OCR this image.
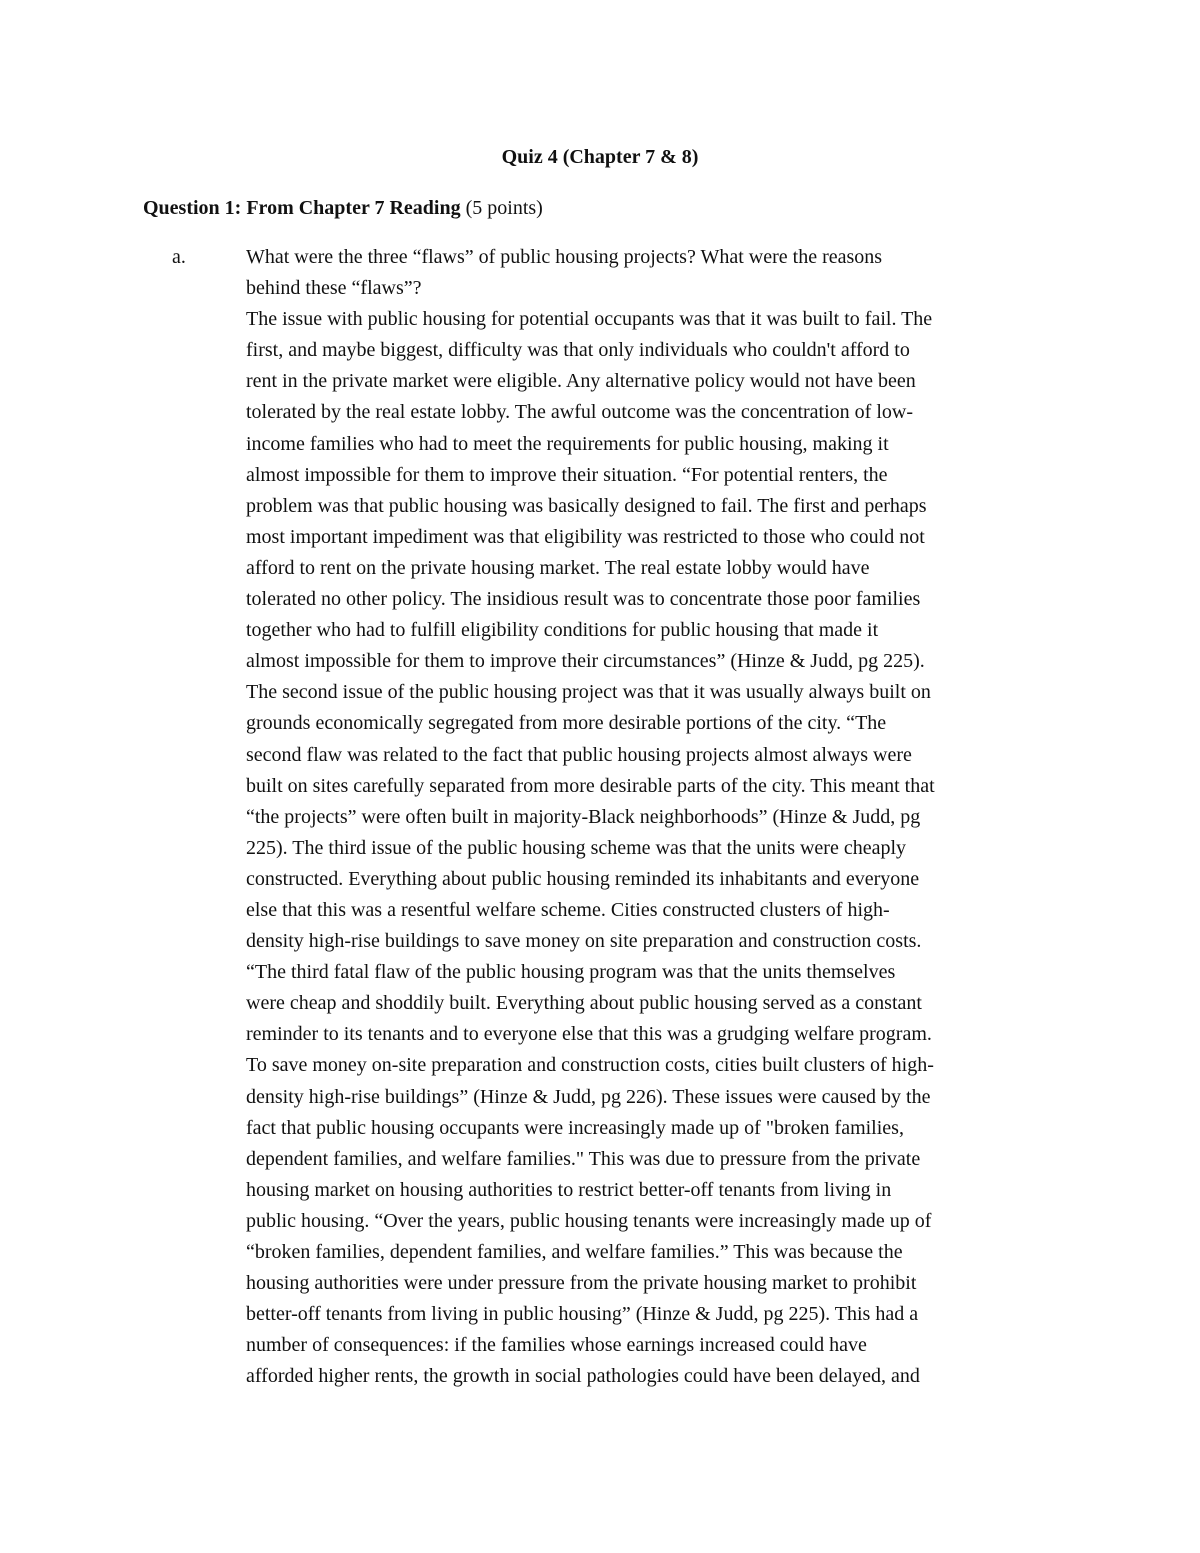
Quiz 4 (Chapter 7 & 8)

Question 1: From Chapter 7 Reading (5 points)

a.	What were the three “flaws” of public housing projects? What were the reasons
behind these “flaws”?
The issue with public housing for potential occupants was that it was built to fail. The
first, and maybe biggest, difficulty was that only individuals who couldn't afford to
rent in the private market were eligible. Any alternative policy would not have been
tolerated by the real estate lobby. The awful outcome was the concentration of low-
income families who had to meet the requirements for public housing, making it
almost impossible for them to improve their situation. “For potential renters, the
problem was that public housing was basically designed to fail. The first and perhaps
most important impediment was that eligibility was restricted to those who could not
afford to rent on the private housing market. The real estate lobby would have
tolerated no other policy. The insidious result was to concentrate those poor families
together who had to fulfill eligibility conditions for public housing that made it
almost impossible for them to improve their circumstances” (Hinze & Judd, pg 225).
The second issue of the public housing project was that it was usually always built on
grounds economically segregated from more desirable portions of the city. “The
second flaw was related to the fact that public housing projects almost always were
built on sites carefully separated from more desirable parts of the city. This meant that
“the projects” were often built in majority-Black neighborhoods” (Hinze & Judd, pg
225). The third issue of the public housing scheme was that the units were cheaply
constructed. Everything about public housing reminded its inhabitants and everyone
else that this was a resentful welfare scheme. Cities constructed clusters of high-
density high-rise buildings to save money on site preparation and construction costs.
“The third fatal flaw of the public housing program was that the units themselves
were cheap and shoddily built. Everything about public housing served as a constant
reminder to its tenants and to everyone else that this was a grudging welfare program.
To save money on-site preparation and construction costs, cities built clusters of high-
density high-rise buildings” (Hinze & Judd, pg 226). These issues were caused by the
fact that public housing occupants were increasingly made up of "broken families,
dependent families, and welfare families." This was due to pressure from the private
housing market on housing authorities to restrict better-off tenants from living in
public housing. “Over the years, public housing tenants were increasingly made up of
“broken families, dependent families, and welfare families.” This was because the
housing authorities were under pressure from the private housing market to prohibit
better-off tenants from living in public housing” (Hinze & Judd, pg 225). This had a
number of consequences: if the families whose earnings increased could have
afforded higher rents, the growth in social pathologies could have been delayed, and
